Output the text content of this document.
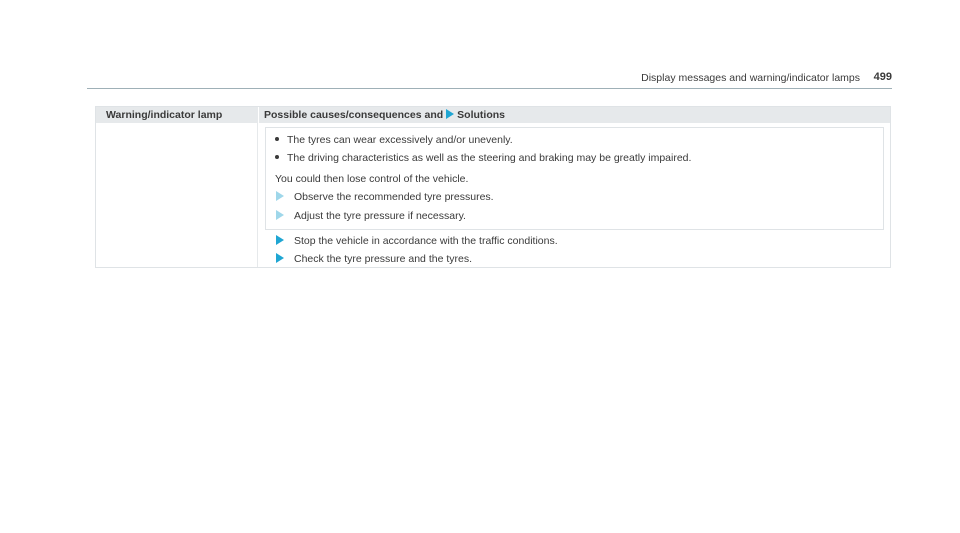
Display messages and warning/indicator lamps 499
Warning/indicator lamp	Possible causes/consequences and Solutions
The tyres can wear excessively and/or unevenly.
The driving characteristics as well as the steering and braking may be greatly impaired.
You could then lose control of the vehicle.
Observe the recommended tyre pressures.
Adjust the tyre pressure if necessary.
Stop the vehicle in accordance with the traffic conditions.
Check the tyre pressure and the tyres.
